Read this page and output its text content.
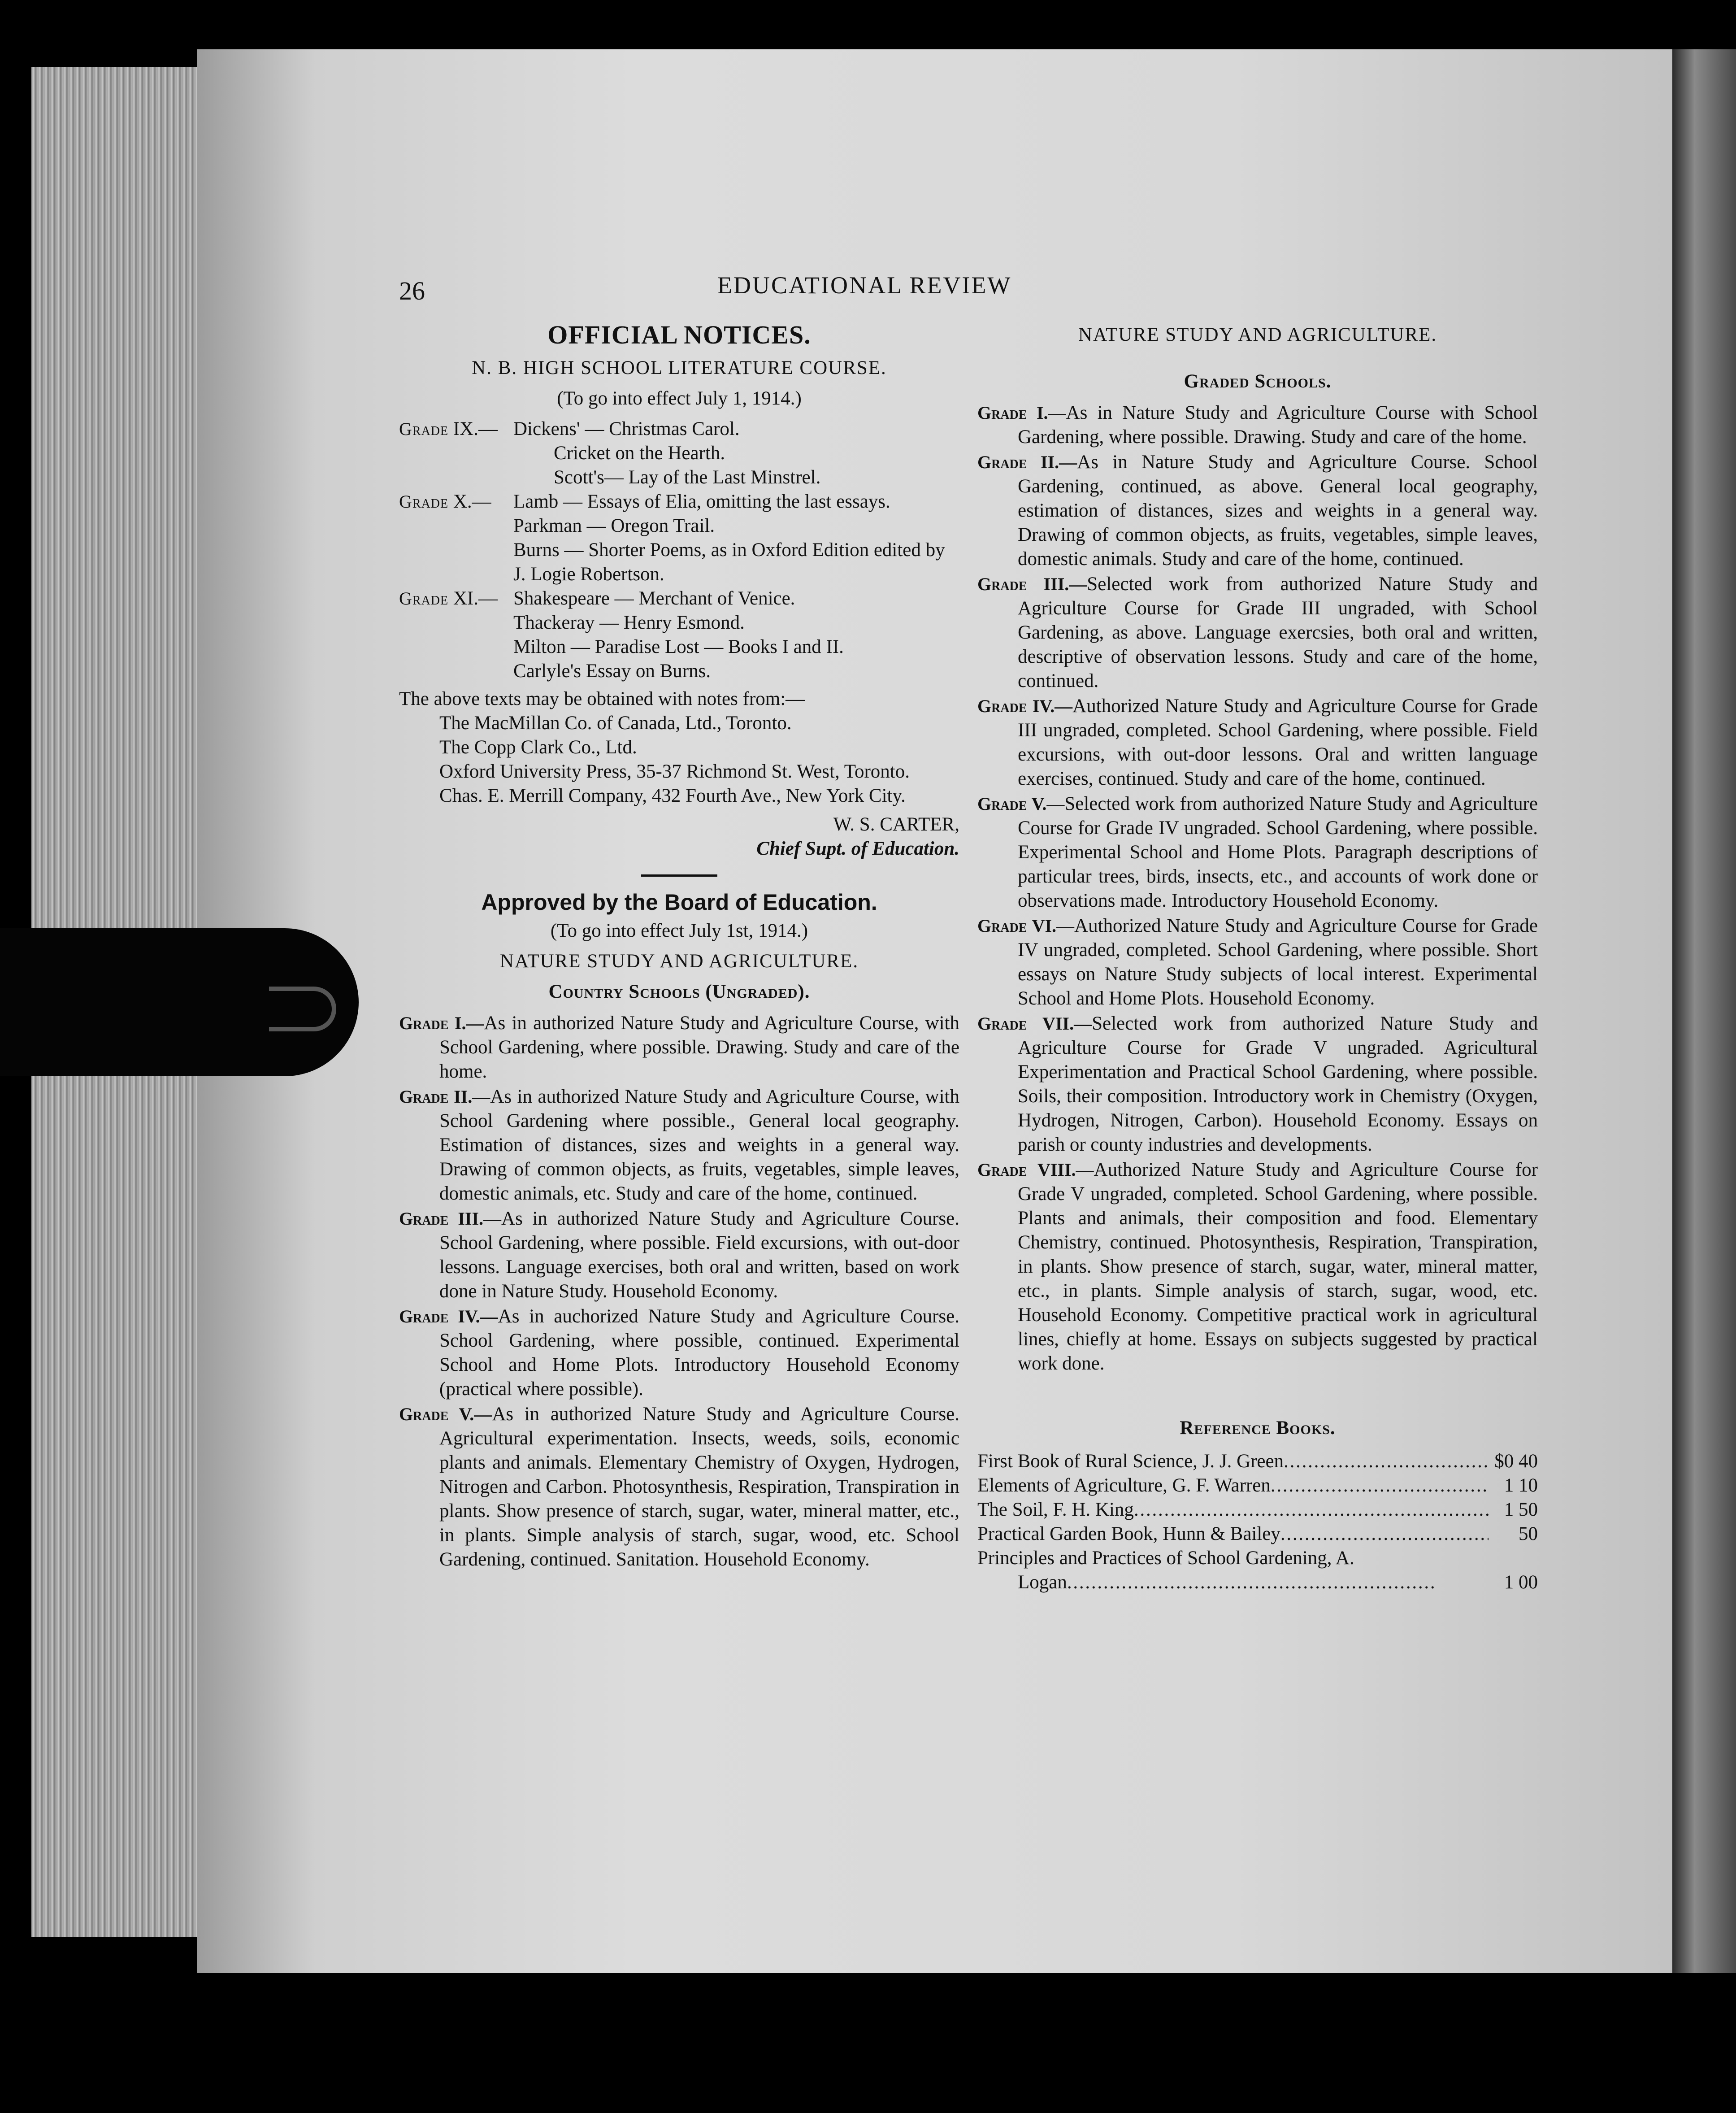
26	EDUCATIONAL REVIEW
OFFICIAL NOTICES.
N. B. HIGH SCHOOL LITERATURE COURSE.
(To go into effect July 1, 1914.)
Grade IX.— Dickens' — Christmas Carol.
Cricket on the Hearth.
Scott's— Lay of the Last Minstrel.
Grade X.—	Lamb — Essays of Elia, omitting the last essays.
Parkman — Oregon Trail.
Burns — Shorter Poems, as in Oxford Edition edited by J. Logie Robertson.
Grade XI.— Shakespeare — Merchant of Venice.
Thackeray — Henry Esmond.
Milton — Paradise Lost — Books I and II.
Carlyle's Essay on Burns.
The above texts may be obtained with notes from:—
The MacMillan Co. of Canada, Ltd., Toronto.
The Copp Clark Co., Ltd.
Oxford University Press, 35-37 Richmond St. West, Toronto.
Chas. E. Merrill Company, 432 Fourth Ave., New York City.
W. S. CARTER,
Chief Supt. of Education.
Approved by the Board of Education.
(To go into effect July 1st, 1914.)
NATURE STUDY AND AGRICULTURE.
Country Schools (Ungraded).
Grade I.—As in authorized Nature Study and Agriculture Course, with School Gardening, where possible. Drawing. Study and care of the home.
Grade II.—As in authorized Nature Study and Agriculture Course, with School Gardening where possible., General local geography. Estimation of distances, sizes and weights in a general way. Drawing of common objects, as fruits, vegetables, simple leaves, domestic animals, etc. Study and care of the home, continued.
Grade III.—As in authorized Nature Study and Agriculture Course. School Gardening, where possible. Field excursions, with out-door lessons. Language exercises, both oral and written, based on work done in Nature Study. Household Economy.
Grade IV.—As in auchorized Nature Study and Agriculture Course. School Gardening, where possible, continued. Experimental School and Home Plots. Introductory Household Economy (practical where possible).
Grade V.—As in authorized Nature Study and Agriculture Course. Agricultural experimentation. Insects, weeds, soils, economic plants and animals. Elementary Chemistry of Oxygen, Hydrogen, Nitrogen and Carbon. Photosynthesis, Respiration, Transpiration in plants. Show presence of starch, sugar, water, mineral matter, etc., in plants. Simple analysis of starch, sugar, wood, etc. School Gardening, continued. Sanitation. Household Economy.
NATURE STUDY AND AGRICULTURE.
Graded Schools.
Grade I.—As in Nature Study and Agriculture Course with School Gardening, where possible. Drawing. Study and care of the home.
Grade II.—As in Nature Study and Agriculture Course. School Gardening, continued, as above. General local geography, estimation of distances, sizes and weights in a general way. Drawing of common objects, as fruits, vegetables, simple leaves, domestic animals. Study and care of the home, continued.
Grade III.—Selected work from authorized Nature Study and Agriculture Course for Grade III ungraded, with School Gardening, as above. Language exercsies, both oral and written, descriptive of observation lessons. Study and care of the home, continued.
Grade IV.—Authorized Nature Study and Agriculture Course for Grade III ungraded, completed. School Gardening, where possible. Field excursions, with out-door lessons. Oral and written language exercises, continued. Study and care of the home, continued.
Grade V.—Selected work from authorized Nature Study and Agriculture Course for Grade IV ungraded. School Gardening, where possible. Experimental School and Home Plots. Paragraph descriptions of particular trees, birds, insects, etc., and accounts of work done or observations made. Introductory Household Economy.
Grade VI.—Authorized Nature Study and Agriculture Course for Grade IV ungraded, completed. School Gardening, where possible. Short essays on Nature Study subjects of local interest. Experimental School and Home Plots. Household Economy.
Grade VII.—Selected work from authorized Nature Study and Agriculture Course for Grade V ungraded. Agricultural Experimentation and Practical School Gardening, where possible. Soils, their composition. Introductory work in Chemistry (Oxygen, Hydrogen, Nitrogen, Carbon). Household Economy. Essays on parish or county industries and developments.
Grade VIII.—Authorized Nature Study and Agriculture Course for Grade V ungraded, completed. School Gardening, where possible. Plants and animals, their composition and food. Elementary Chemistry, continued. Photosynthesis, Respiration, Transpiration, in plants. Show presence of starch, sugar, water, mineral matter, etc., in plants. Simple analysis of starch, sugar, wood, etc. Household Economy. Competitive practical work in agricultural lines, chiefly at home. Essays on subjects suggested by practical work done.
Reference Books.
First Book of Rural Science, J. J. Green . . .	$0 40
Elements of Agriculture, G. F. Warren . . .	1 10
The Soil, F. H. King . . .	1 50
Practical Garden Book, Hunn & Bailey . . .	50
Principles and Practices of School Gardening, A.
Logan . . .	1 00
